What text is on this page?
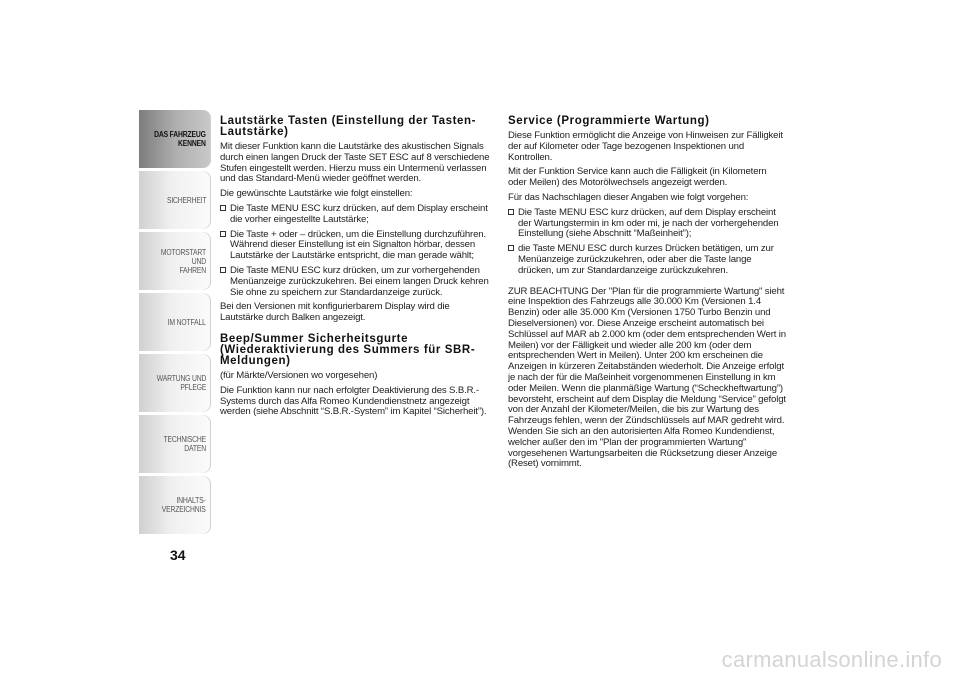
DAS FAHRZEUG
KENNEN
SICHERHEIT
MOTORSTART UND
FAHREN
IM NOTFALL
WARTUNG UND
PFLEGE
TECHNISCHE DATEN
INHALTS-
VERZEICHNIS
34
Lautstärke Tasten (Einstellung der Tasten-Lautstärke)
Mit dieser Funktion kann die Lautstärke des akustischen Signals durch einen langen Druck der Taste SET ESC auf 8 verschiedene Stufen eingestellt werden. Hierzu muss ein Untermenü verlassen und das Standard-Menü wieder geöffnet werden.
Die gewünschte Lautstärke wie folgt einstellen:
Die Taste MENU ESC kurz drücken, auf dem Display erscheint die vorher eingestellte Lautstärke;
Die Taste + oder – drücken, um die Einstellung durchzuführen. Während dieser Einstellung ist ein Signalton hörbar, dessen Lautstärke der Lautstärke entspricht, die man gerade wählt;
Die Taste MENU ESC kurz drücken, um zur vorhergehenden Menüanzeige zurückzukehren. Bei einem langen Druck kehren Sie ohne zu speichern zur Standardanzeige zurück.
Bei den Versionen mit konfigurierbarem Display wird die Lautstärke durch Balken angezeigt.
Beep/Summer Sicherheitsgurte (Wiederaktivierung des Summers für SBR-Meldungen)
(für Märkte/Versionen wo vorgesehen)
Die Funktion kann nur nach erfolgter Deaktivierung des S.B.R.-Systems durch das Alfa Romeo Kundendienstnetz angezeigt werden (siehe Abschnitt “S.B.R.-System” im Kapitel “Sicherheit”).
Service (Programmierte Wartung)
Diese Funktion ermöglicht die Anzeige von Hinweisen zur Fälligkeit der auf Kilometer oder Tage bezogenen Inspektionen und Kontrollen.
Mit der Funktion Service kann auch die Fälligkeit (in Kilometern oder Meilen) des Motorölwechsels angezeigt werden.
Für das Nachschlagen dieser Angaben wie folgt vorgehen:
Die Taste MENU ESC kurz drücken, auf dem Display erscheint der Wartungstermin in km oder mi, je nach der vorhergehenden Einstellung (siehe Abschnitt “Maßeinheit”);
die Taste MENU ESC durch kurzes Drücken betätigen, um zur Menüanzeige zurückzukehren, oder aber die Taste lange drücken, um zur Standardanzeige zurückzukehren.
ZUR BEACHTUNG Der "Plan für die programmierte Wartung" sieht eine Inspektion des Fahrzeugs alle 30.000 Km (Versionen 1.4 Benzin) oder alle 35.000 Km (Versionen 1750 Turbo Benzin und Dieselversionen) vor. Diese Anzeige erscheint automatisch bei Schlüssel auf MAR ab 2.000 km (oder dem entsprechenden Wert in Meilen) vor der Fälligkeit und wieder alle 200 km (oder dem entsprechenden Wert in Meilen). Unter 200 km erscheinen die Anzeigen in kürzeren Zeitabständen wiederholt. Die Anzeige erfolgt je nach der für die Maßeinheit vorgenommenen Einstellung in km oder Meilen. Wenn die planmäßige Wartung (“Scheckheftwartung”) bevorsteht, erscheint auf dem Display die Meldung “Service” gefolgt von der Anzahl der Kilometer/Meilen, die bis zur Wartung des Fahrzeugs fehlen, wenn der Zündschlüssels auf MAR gedreht wird. Wenden Sie sich an den autorisierten Alfa Romeo Kundendienst, welcher außer den im "Plan der programmierten Wartung" vorgesehenen Wartungsarbeiten die Rücksetzung dieser Anzeige (Reset) vornimmt.
carmanualsonline.info
